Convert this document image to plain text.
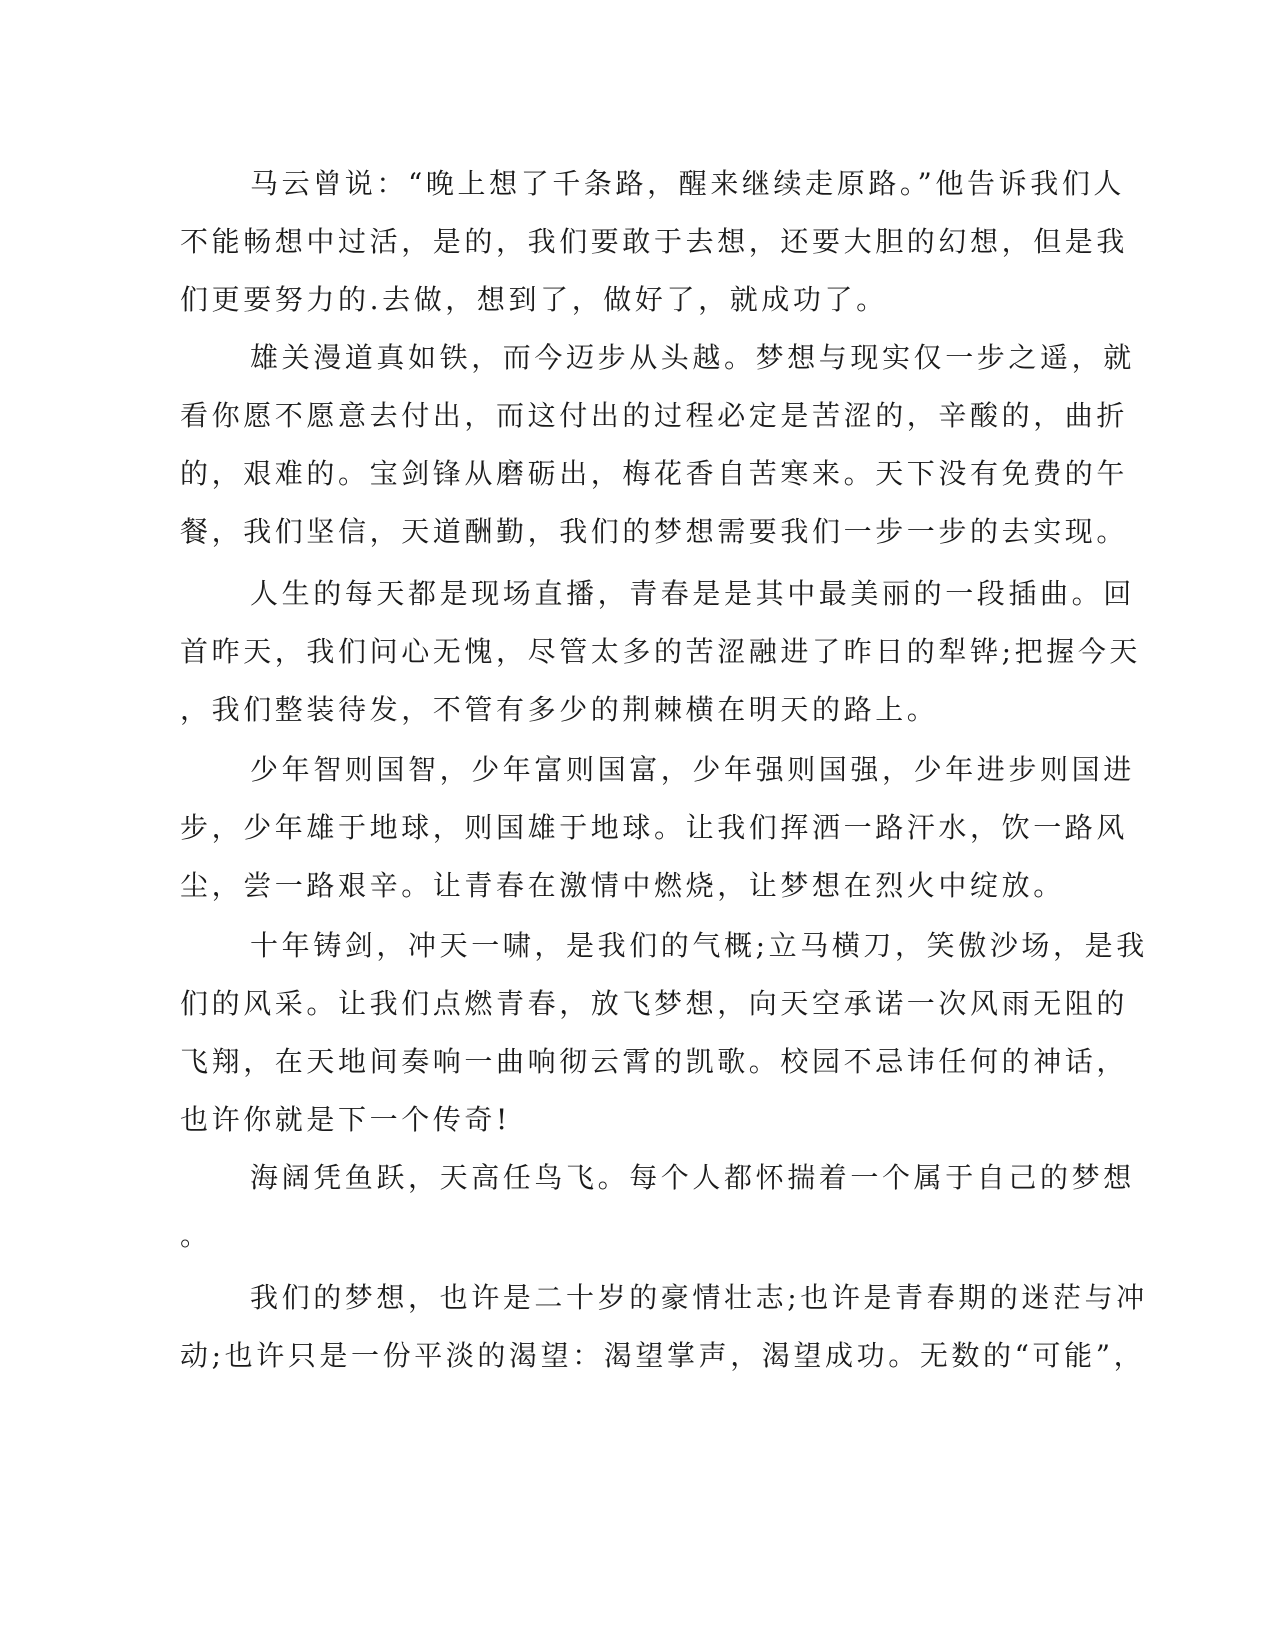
马云曾说：“晚上想了千条路，醒来继续走原路。”他告诉我们人
不能畅想中过活，是的，我们要敢于去想，还要大胆的幻想，但是我
们更要努力的.去做，想到了，做好了，就成功了。
雄关漫道真如铁，而今迈步从头越。梦想与现实仅一步之遥，就
看你愿不愿意去付出，而这付出的过程必定是苦涩的，辛酸的，曲折
的，艰难的。宝剑锋从磨砺出，梅花香自苦寒来。天下没有免费的午
餐，我们坚信，天道酬勤，我们的梦想需要我们一步一步的去实现。
人生的每天都是现场直播，青春是是其中最美丽的一段插曲。回
首昨天，我们问心无愧，尽管太多的苦涩融进了昨日的犁铧;把握今天
，我们整装待发，不管有多少的荆棘横在明天的路上。
少年智则国智，少年富则国富，少年强则国强，少年进步则国进
步，少年雄于地球，则国雄于地球。让我们挥洒一路汗水，饮一路风
尘，尝一路艰辛。让青春在激情中燃烧，让梦想在烈火中绽放。
十年铸剑，冲天一啸，是我们的气概;立马横刀，笑傲沙场，是我
们的风采。让我们点燃青春，放飞梦想，向天空承诺一次风雨无阻的
飞翔，在天地间奏响一曲响彻云霄的凯歌。校园不忌讳任何的神话，
也许你就是下一个传奇!
海阔凭鱼跃，天高任鸟飞。每个人都怀揣着一个属于自己的梦想
。
我们的梦想，也许是二十岁的豪情壮志;也许是青春期的迷茫与冲
动;也许只是一份平淡的渴望：渴望掌声，渴望成功。无数的“可能”，
